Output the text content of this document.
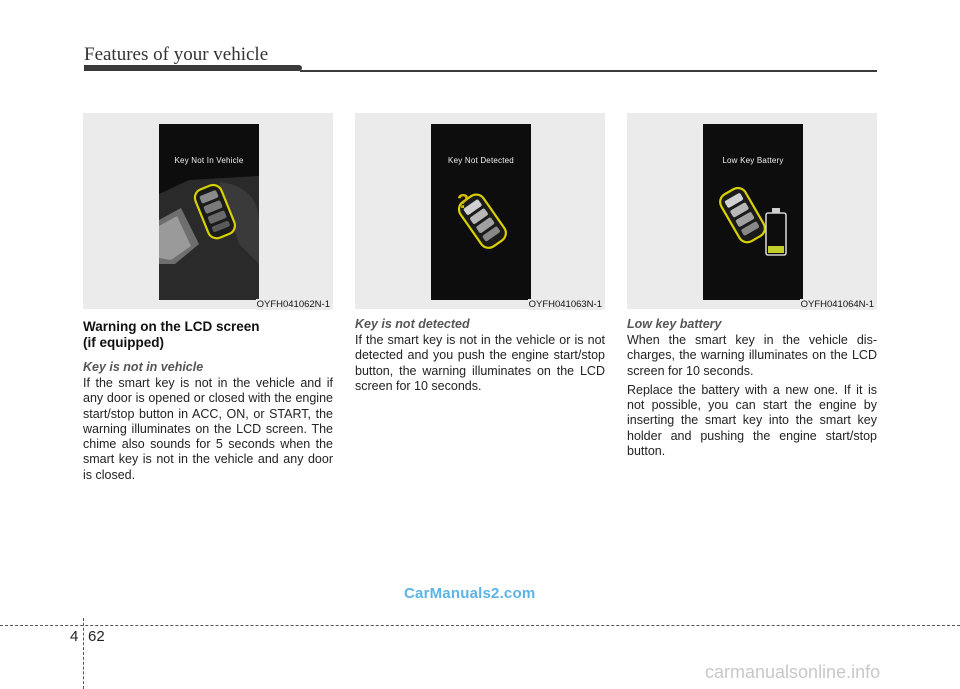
Features of your vehicle
Key Not In Vehicle
OYFH041062N-1
Warning on the LCD screen
(if equipped)
Key is not in vehicle

If the smart key is not in the vehicle and if any door is opened or closed with the engine start/stop button in ACC, ON, or START, the warning illuminates on the LCD screen. The chime also sounds for 5 seconds when the smart key is not in the vehicle and any door is closed.

?
Key Not Detected
OYFH041063N-1
Key is not detected

If the smart key is not in the vehicle or is not detected and you push the engine start/stop button, the warning illuminates on the LCD screen for 10 seconds.

Low Key Battery
OYFH041064N-1
Low key battery

When the smart key in the vehicle dis-charges, the warning illuminates on the LCD screen for 10 seconds.

Replace the battery with a new one. If it is not possible, you can start the engine by inserting the smart key into the smart key holder and pushing the engine start/stop button.

CarManuals2.com
4 62
carmanualsonline.info
